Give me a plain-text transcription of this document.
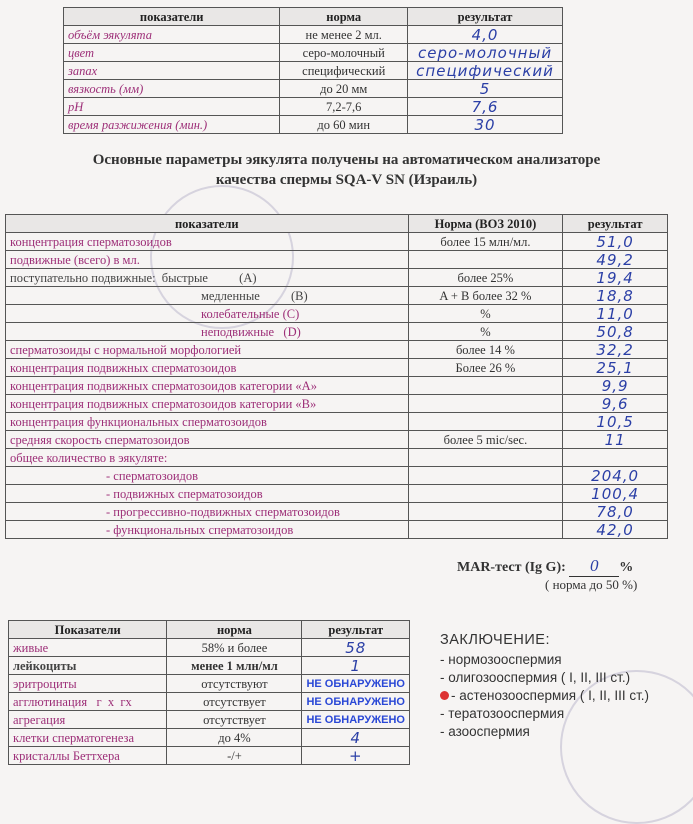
показатели	норма	результат
объём эякулята	не менее 2 мл.	4,0
цвет	серо-молочный	серо-молочный
запах	специфический	специфический
вязкость (мм)	до 20 мм	5
pH	7,2-7,6	7,6
время разжижения (мин.)	до 60 мин	30
Основные параметры эякулята получены на автоматическом анализаторе
качества спермы SQA-V SN (Израиль)
показатели	Норма (ВОЗ 2010)	результат
концентрация сперматозоидов	более 15 млн/мл.	51,0
подвижные (всего) в мл.		49,2
поступательно подвижные:  быстрые          (A)	более 25%	19,4
медленные          (B)	A + B более 32 %	18,8
колебательные (C)	%	11,0
неподвижные   (D)	%	50,8
сперматозоиды с нормальной морфологией	более 14 %	32,2
концентрация подвижных сперматозоидов	Более 26 %	25,1
концентрация подвижных сперматозоидов категории «А»		9,9
концентрация подвижных сперматозоидов категории «В»		9,6
концентрация функциональных сперматозоидов		10,5
средняя скорость сперматозоидов	более 5 mic/sec.	11
общее количество в эякуляте:		
- сперматозоидов		204,0
- подвижных сперматозоидов		100,4
- прогрессивно-подвижных сперматозоидов		78,0
- функциональных сперматозоидов		42,0
MAR-тест (Ig G): 0 %
( норма до 50 %)
Показатели	норма	результат
живые	58% и более	58
лейкоциты	менее 1 млн/мл	1
эритроциты	отсутствуют	НЕ ОБНАРУЖЕНО
агглютинация   г  х  гх	отсутствует	НЕ ОБНАРУЖЕНО
агрегация	отсутствует	НЕ ОБНАРУЖЕНО
клетки сперматогенеза	до 4%	4
кристаллы Беттхера	-/+	+
ЗАКЛЮЧЕНИЕ:
- нормозооспермия
- олигозооспермия ( I, II, III ст.)
- астенозооспермия ( I, II, III ст.)
- тератозооспермия
- азооспермия
